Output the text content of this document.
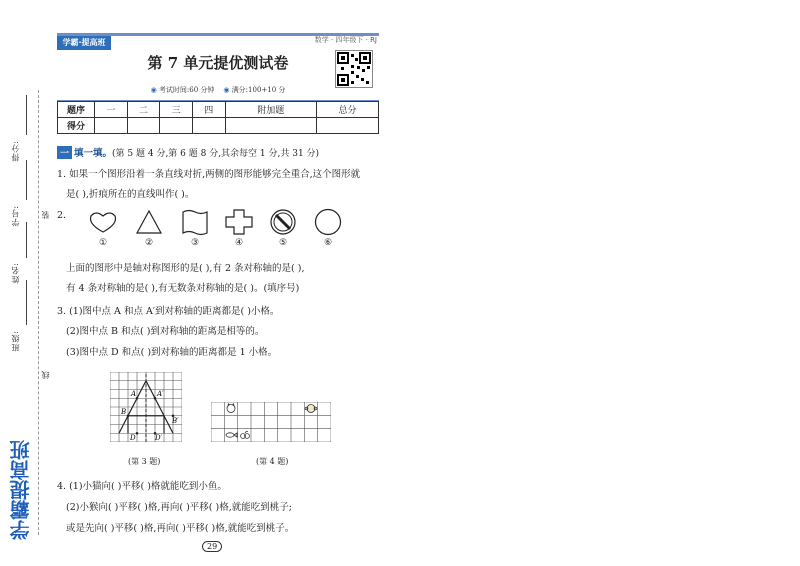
得分:
学号:
姓名:
班级:
装
线
学霸提高班
学霸·提高班	数学 · 四年级下 · RJ
第 7 单元提优测试卷
◉ 考试时间:60 分钟 ◉ 满分:100+10 分
题序	一	二	三	四	附加题	总分
得分						
一 填一填。(第 5 题 4 分,第 6 题 8 分,其余每空 1 分,共 31 分)
1. 如果一个图形沿着一条直线对折,两侧的图形能够完全重合,这个图形就
是( ),折痕所在的直线叫作( )。
2.
①	②	③	④	⑤	⑥
上面的图形中是轴对称图形的是( ),有 2 条对称轴的是( ),
有 4 条对称轴的是( ),有无数条对称轴的是( )。(填序号)
3. (1)图中点 A 和点 A′到对称轴的距离都是( )小格。
(2)图中点 B 和点( )到对称轴的距离是相等的。
(3)图中点 D 和点( )到对称轴的距离都是 1 小格。
A	A′
B
B′
D	D′
(第 3 题)	(第 4 题)
4. (1)小猫向( )平移( )格就能吃到小鱼。
(2)小猴向( )平移( )格,再向( )平移( )格,就能吃到桃子;
或是先向( )平移( )格,再向( )平移( )格,就能吃到桃子。
29
